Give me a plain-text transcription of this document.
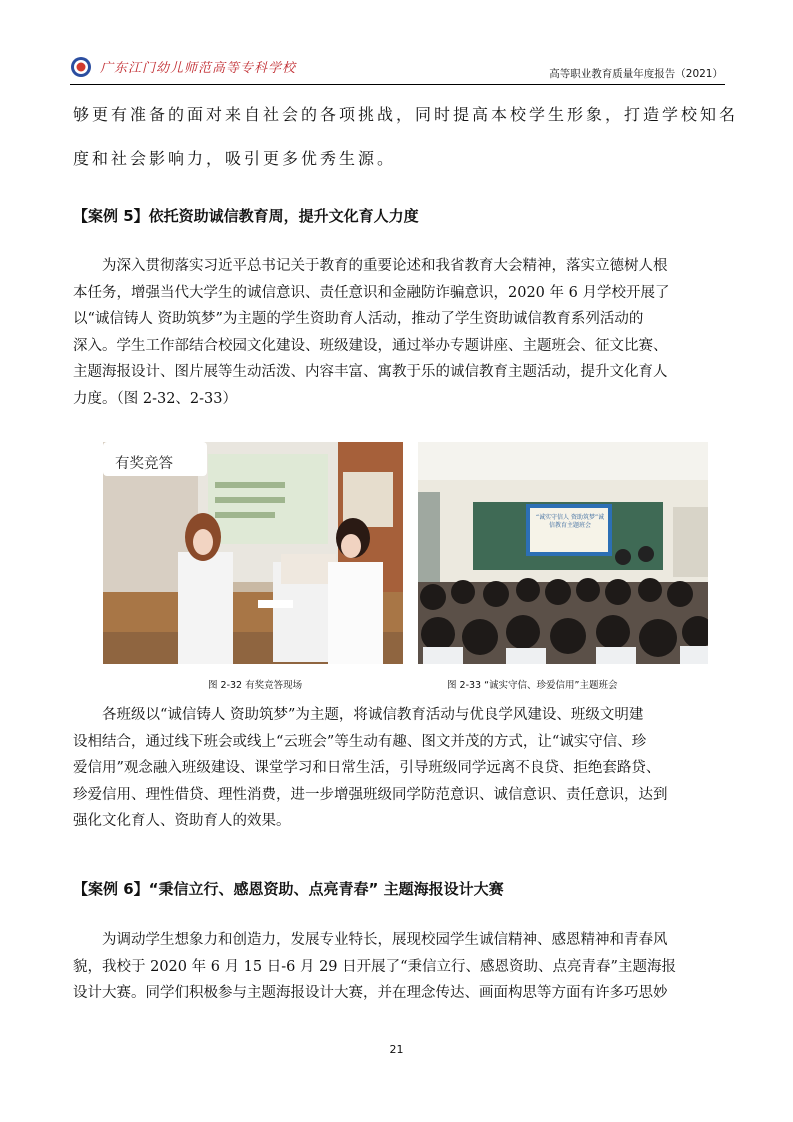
广东江门幼儿师范高等专科学校	高等职业教育质量年度报告（2021）
够更有准备的面对来自社会的各项挑战，同时提高本校学生形象，打造学校知名
度和社会影响力，吸引更多优秀生源。
【案例 5】依托资助诚信教育周，提升文化育人力度
为深入贯彻落实习近平总书记关于教育的重要论述和我省教育大会精神，落实立德树人根
本任务，增强当代大学生的诚信意识、责任意识和金融防诈骗意识，2020 年 6 月学校开展了
以“诚信铸人 资助筑梦”为主题的学生资助育人活动，推动了学生资助诚信教育系列活动的
深入。学生工作部结合校园文化建设、班级建设，通过举办专题讲座、主题班会、征文比赛、
主题海报设计、图片展等生动活泼、内容丰富、寓教于乐的诚信教育主题活动，提升文化育人
力度。（图 2-32、2-33）
有奖竞答
“诚实守信人 资助筑梦”诚信教育主题班会
图 2-32 有奖竞答现场	图 2-33 “诚实守信、珍爱信用”主题班会
各班级以“诚信铸人 资助筑梦”为主题，将诚信教育活动与优良学风建设、班级文明建
设相结合，通过线下班会或线上“云班会”等生动有趣、图文并茂的方式，让“诚实守信、珍
爱信用”观念融入班级建设、课堂学习和日常生活，引导班级同学远离不良贷、拒绝套路贷、
珍爱信用、理性借贷、理性消费，进一步增强班级同学防范意识、诚信意识、责任意识，达到
强化文化育人、资助育人的效果。
【案例 6】“秉信立行、感恩资助、点亮青春” 主题海报设计大赛
为调动学生想象力和创造力，发展专业特长，展现校园学生诚信精神、感恩精神和青春风
貌，我校于 2020 年 6 月 15 日-6 月 29 日开展了“秉信立行、感恩资助、点亮青春”主题海报
设计大赛。同学们积极参与主题海报设计大赛，并在理念传达、画面构思等方面有许多巧思妙
21
